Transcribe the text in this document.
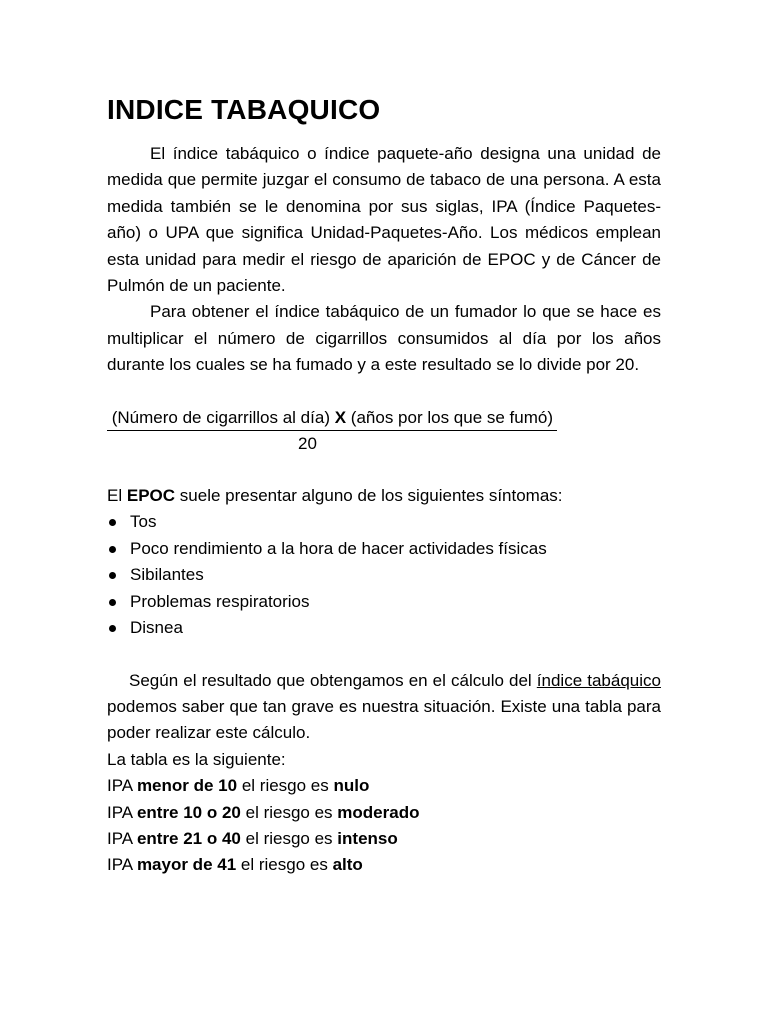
INDICE TABAQUICO

El índice tabáquico o índice paquete-año designa una unidad de medida que permite juzgar el consumo de tabaco de una persona. A esta medida también se le denomina por sus siglas, IPA (Índice Paquetes-año) o UPA que significa Unidad-Paquetes-Año. Los médicos emplean esta unidad para medir el riesgo de aparición de EPOC y de Cáncer de Pulmón de un paciente.

Para obtener el índice tabáquico de un fumador lo que se hace es multiplicar el número de cigarrillos consumidos al día por los años durante los cuales se ha fumado y a este resultado se lo divide por 20.

(Número de cigarrillos al día) X (años por los que se fumó)
20

El EPOC suele presentar alguno de los siguientes síntomas:

Tos
Poco rendimiento a la hora de hacer actividades físicas
Sibilantes
Problemas respiratorios
Disnea

Según el resultado que obtengamos en el cálculo del índice tabáquico podemos saber que tan grave es nuestra situación. Existe una tabla para poder realizar este cálculo.

La tabla es la siguiente:

IPA menor de 10 el riesgo es nulo

IPA entre 10 o 20 el riesgo es moderado

IPA entre 21 o 40 el riesgo es intenso

IPA mayor de 41 el riesgo es alto
